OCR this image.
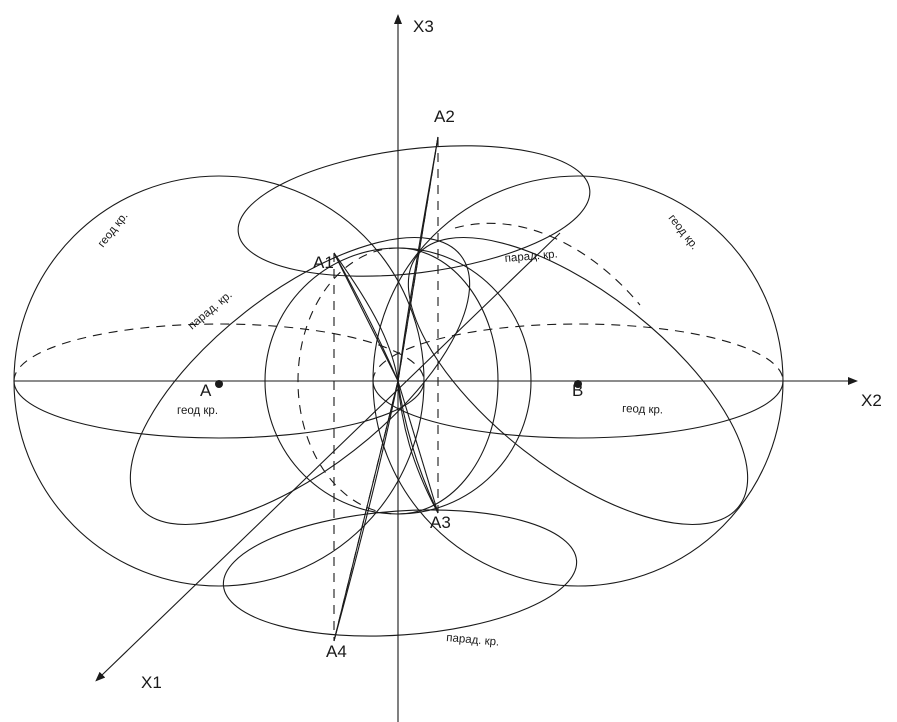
X3
X2
X1
A1
A2
A3
A4
A	B
геод кр.
парад. кр.
геод кр.
парад. кр.
геод кр.
геод кр.
парад. кр.
